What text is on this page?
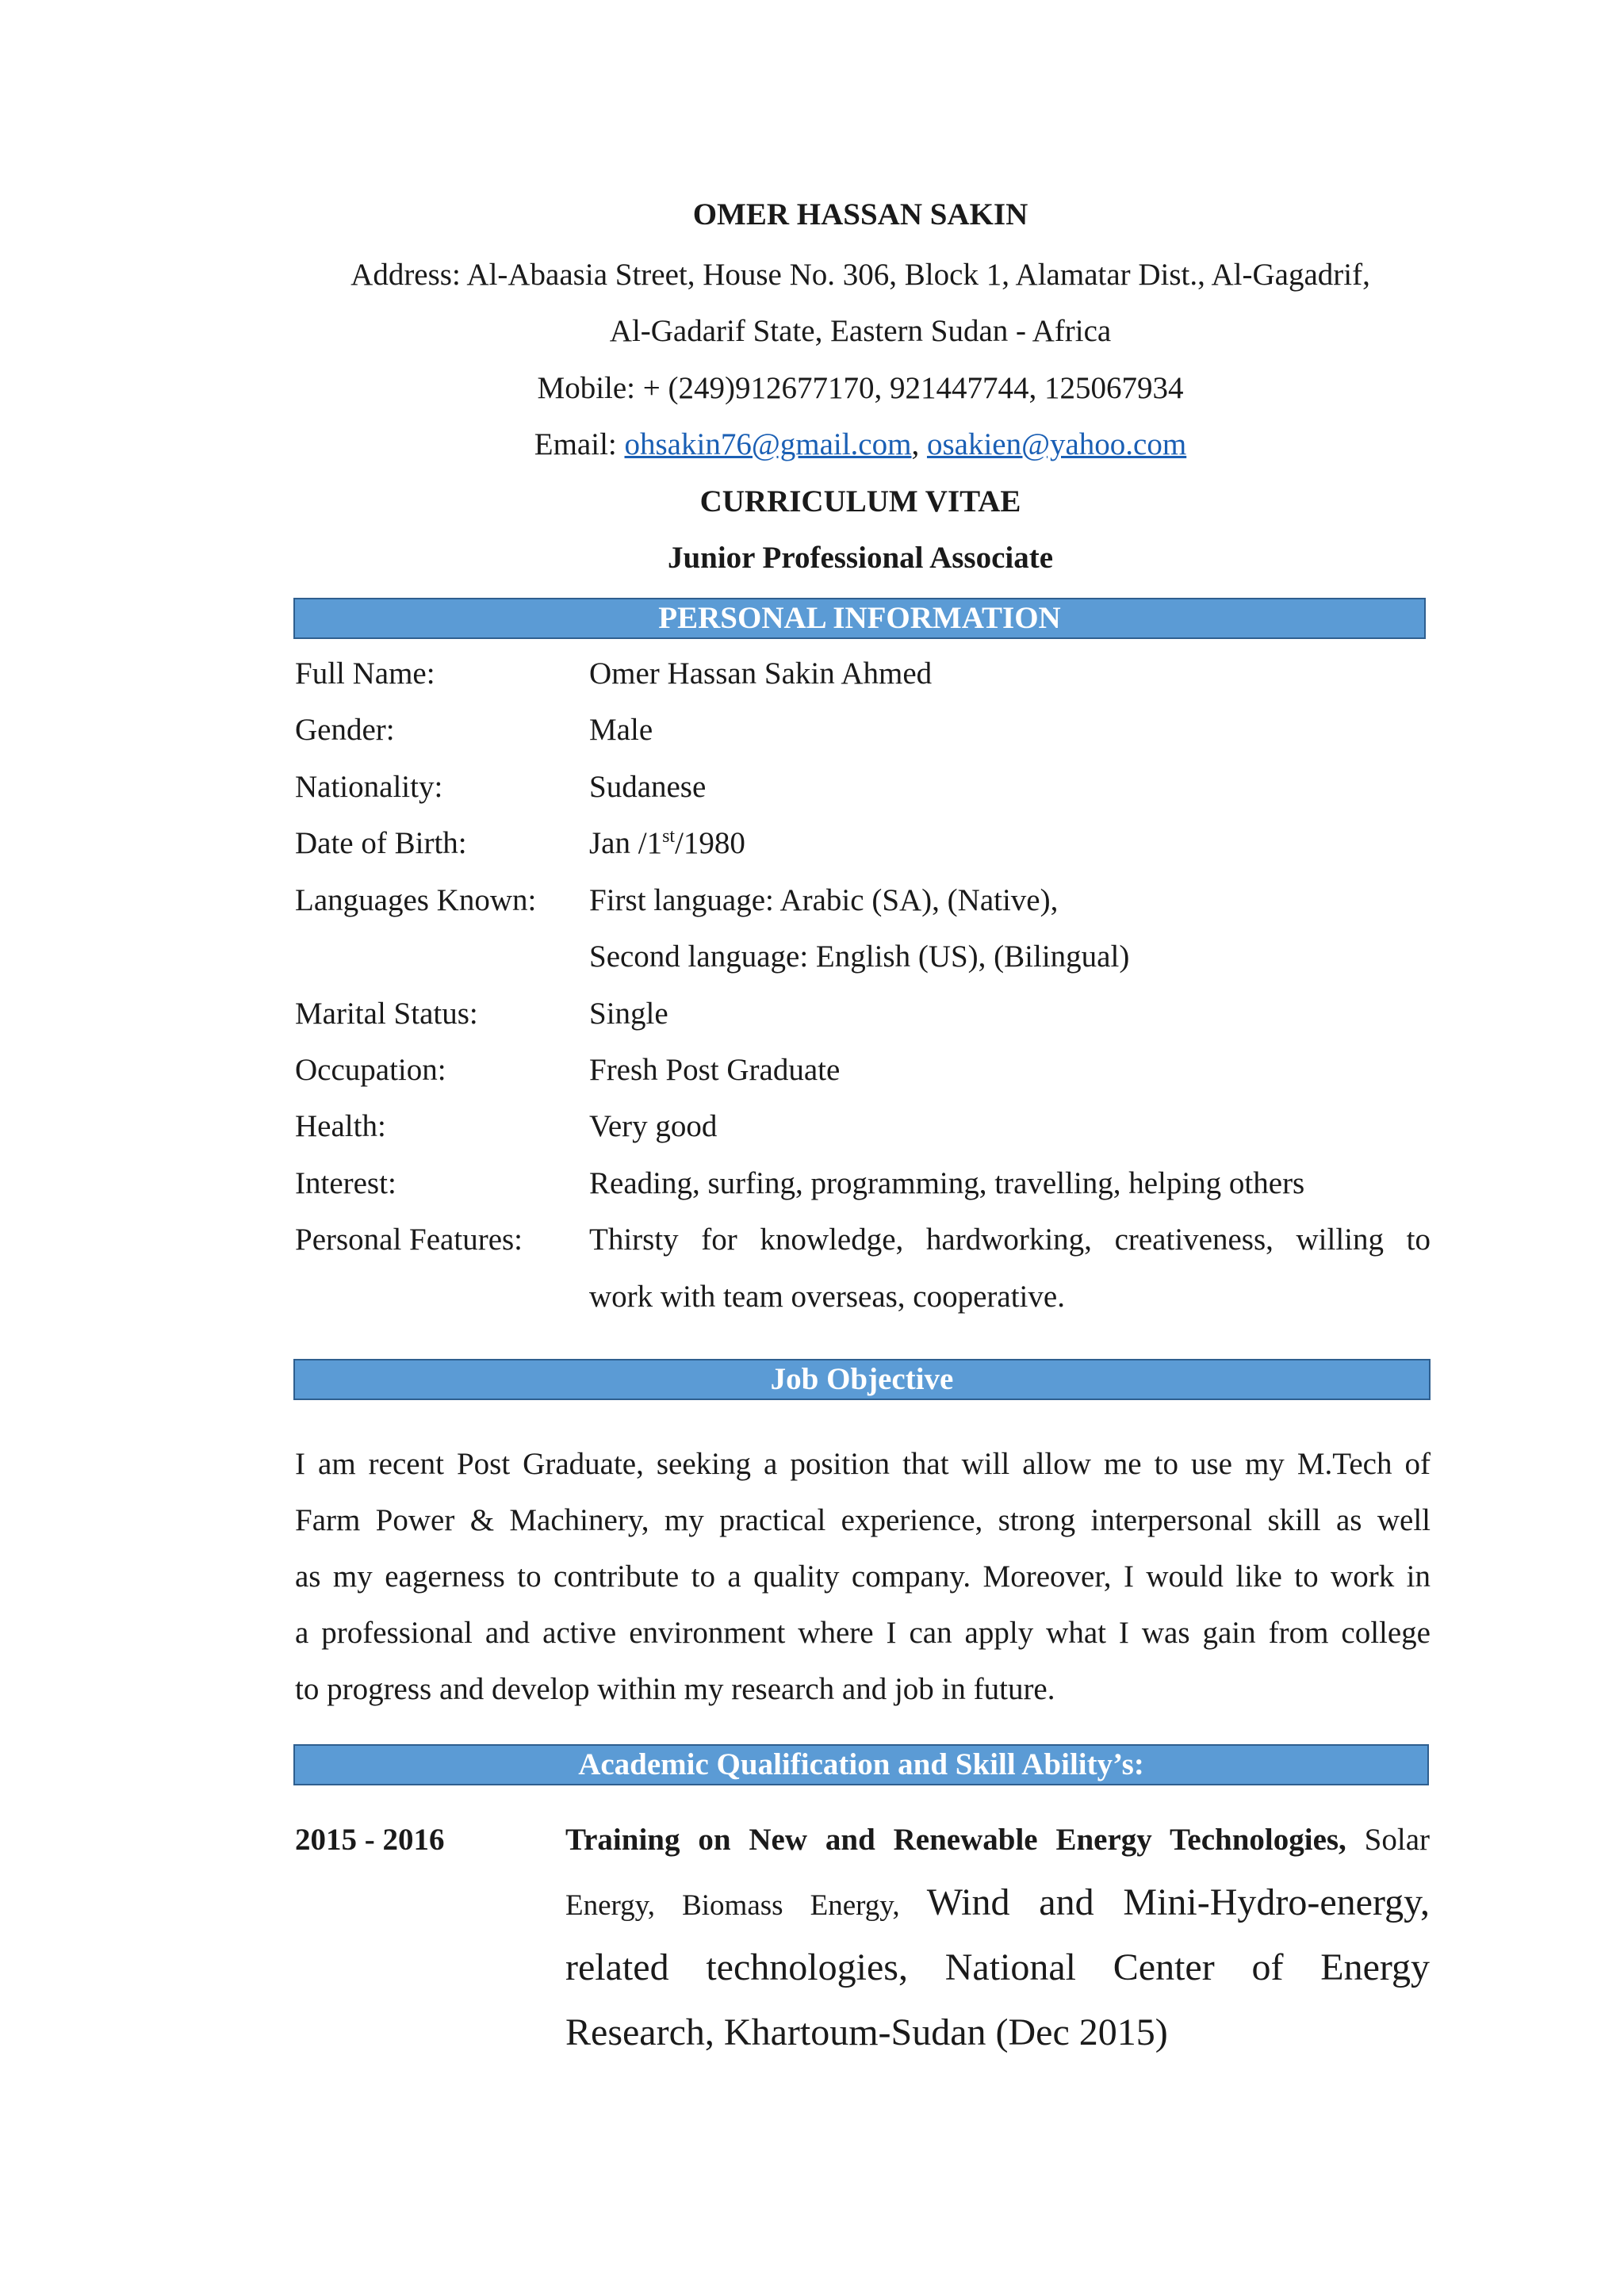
OMER HASSAN SAKIN
Address: Al-Abaasia Street, House No. 306, Block 1, Alamatar Dist., Al-Gagadrif,
Al-Gadarif State, Eastern Sudan - Africa
Mobile: + (249)912677170, 921447744, 125067934
Email: ohsakin76@gmail.com, osakien@yahoo.com
CURRICULUM VITAE
Junior Professional Associate
PERSONAL INFORMATION
Full Name:	Omer Hassan Sakin Ahmed
Gender:	Male
Nationality:	Sudanese
Date of Birth:	Jan /1st/1980
Languages Known: First language: Arabic (SA), (Native),
Second language: English (US), (Bilingual)
Marital Status:	Single
Occupation:	Fresh Post Graduate
Health:	Very good
Interest:	Reading, surfing, programming, travelling, helping others
Personal Features: Thirsty for knowledge, hardworking, creativeness, willing to
work with team overseas, cooperative.
Job Objective
I am recent Post Graduate, seeking a position that will allow me to use my M.Tech of
Farm Power & Machinery, my practical experience, strong interpersonal skill as well
as my eagerness to contribute to a quality company. Moreover, I would like to work in
a professional and active environment where I can apply what I was gain from college
to progress and develop within my research and job in future.
Academic Qualification and Skill Ability’s:
2015 - 2016	Training on New and Renewable Energy Technologies, Solar
Energy, Biomass Energy, Wind and Mini-Hydro-energy,
related technologies, National Center of Energy
Research, Khartoum-Sudan (Dec 2015)
